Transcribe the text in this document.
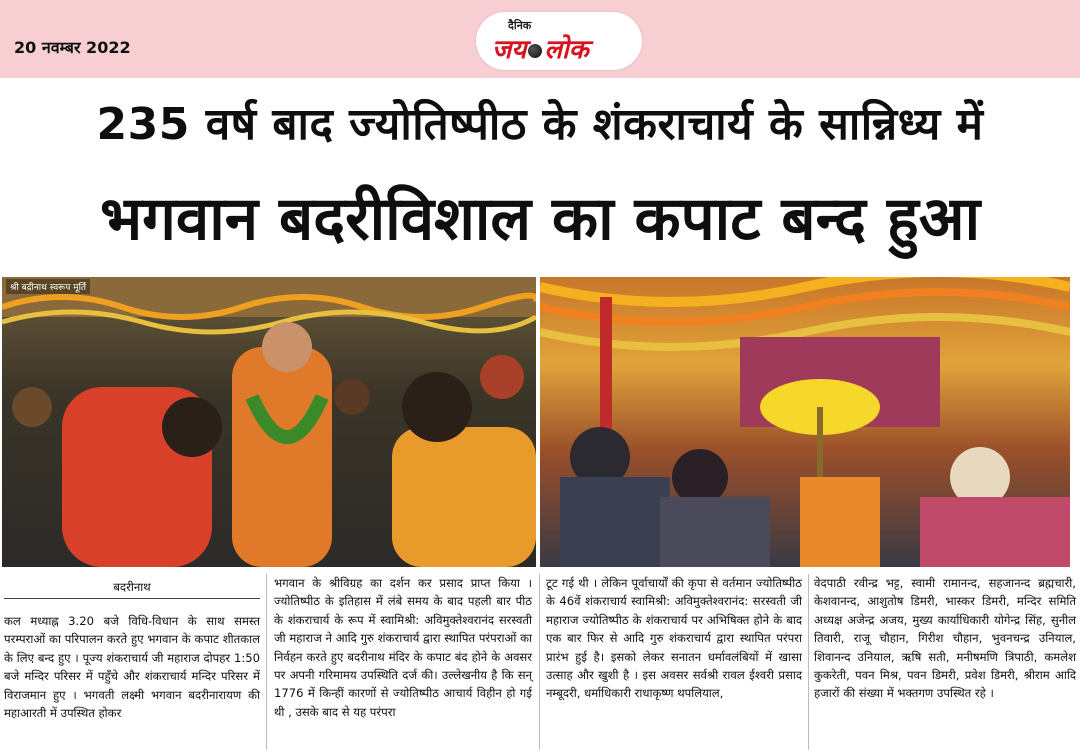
20 नवम्बर 2022
दैनिक
जय लोक
235 वर्ष बाद ज्योतिष्पीठ के शंकराचार्य के सान्निध्य में
भगवान बदरीविशाल का कपाट बन्द हुआ
श्री बद्रीनाथ स्वरूप मूर्ति
बदरीनाथ
कल मध्याह्न 3.20 बजे विधि-विधान के साथ समस्त परम्पराओं का परिपालन करते हुए भगवान के कपाट शीतकाल के लिए बन्द हुए । पूज्य शंकराचार्य जी महाराज दोपहर 1:50 बजे मन्दिर परिसर में पहुँचे और शंकराचार्य मन्दिर परिसर में विराजमान हुए । भगवती लक्ष्मी भगवान बदरीनारायण की महाआरती में उपस्थित होकर
भगवान के श्रीविग्रह का दर्शन कर प्रसाद प्राप्त किया । ज्योतिष्पीठ के इतिहास में लंबे समय के बाद पहली बार पीठ के शंकराचार्य के रूप में स्वामिश्री: अविमुक्तेश्वरानंद सरस्वती जी महाराज ने आदि गुरु शंकराचार्य द्वारा स्थापित परंपराओं का निर्वहन करते हुए बदरीनाथ मंदिर के कपाट बंद होने के अवसर पर अपनी गरिमामय उपस्थिति दर्ज की। उल्लेखनीय है कि सन् 1776 में किन्हीं कारणों से ज्योतिष्पीठ आचार्य विहीन हो गई थी , उसके बाद से यह परंपरा
टूट गई थी । लेकिन पूर्वाचार्यों की कृपा से वर्तमान ज्योतिष्पीठ के 46वें शंकराचार्य स्वामिश्री: अविमुक्तेश्वरानंद: सरस्वती जी महाराज ज्योतिष्पीठ के शंकराचार्य पर अभिषिक्त होने के बाद एक बार फिर से आदि गुरु शंकराचार्य द्वारा स्थापित परंपरा प्रारंभ हुई है। इसको लेकर सनातन धर्मावलंबियों में खासा उत्साह और खुशी है । इस अवसर सर्वश्री रावल ईश्वरी प्रसाद नम्बूदरी, धर्माधिकारी राधाकृष्ण थपलियाल,
वेदपाठी रवीन्द्र भट्ट, स्वामी रामानन्द, सहजानन्द ब्रह्मचारी, केशवानन्द, आशुतोष डिमरी, भास्कर डिमरी, मन्दिर समिति अध्यक्ष अजेन्द्र अजय, मुख्य कार्याधिकारी योगेन्द्र सिंह, सुनील तिवारी, राजू चौहान, गिरीश चौहान, भुवनचन्द्र उनियाल, शिवानन्द उनियाल, ऋषि सती, मनीषमणि त्रिपाठी, कमलेश कुकरेती, पवन मिश्र, पवन डिमरी, प्रवेश डिमरी, श्रीराम आदि हजारों की संख्या में भक्तगण उपस्थित रहे ।
